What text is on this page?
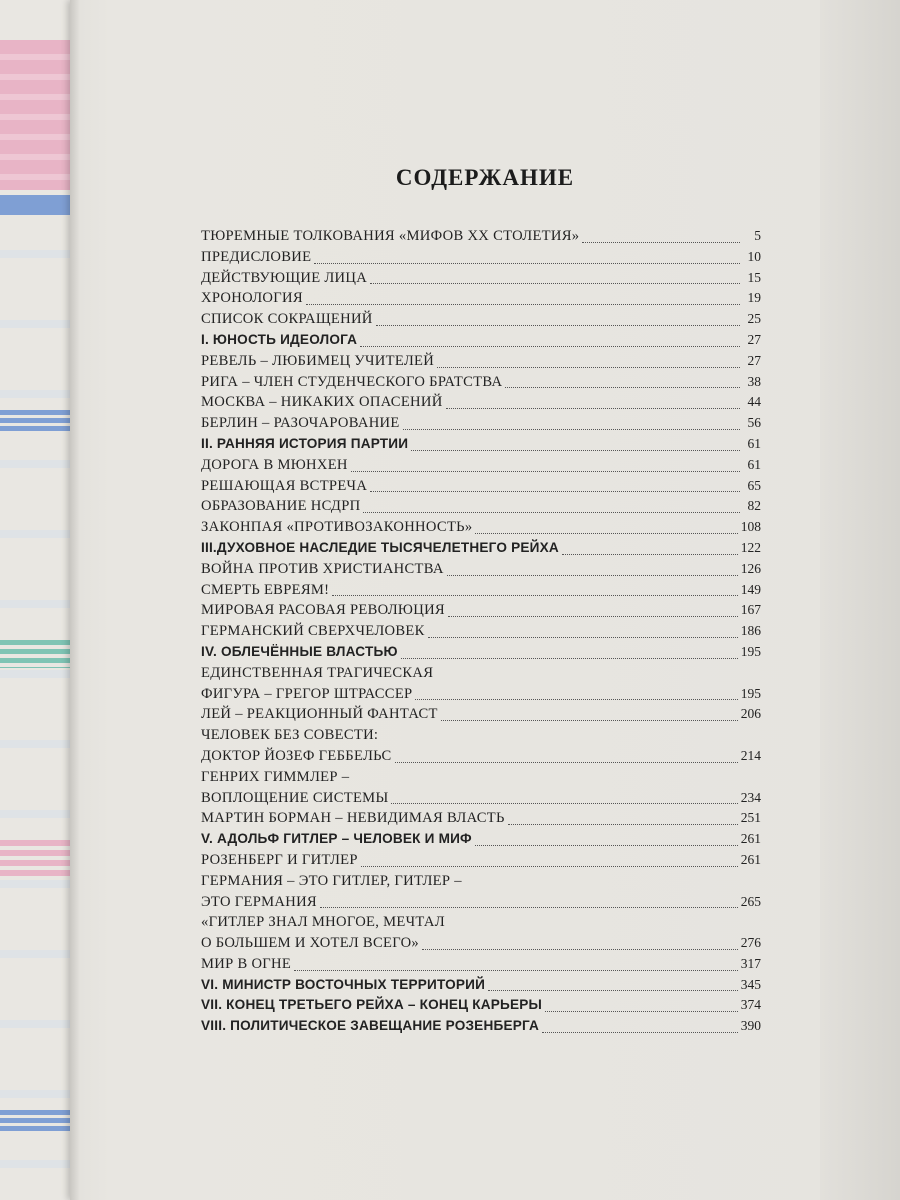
СОДЕРЖАНИЕ
ТЮРЕМНЫЕ ТОЛКОВАНИЯ «МИФОВ ХХ СТОЛЕТИЯ»	5
ПРЕДИСЛОВИЕ	10
ДЕЙСТВУЮЩИЕ ЛИЦА	15
ХРОНОЛОГИЯ	19
СПИСОК СОКРАЩЕНИЙ	25
I. ЮНОСТЬ ИДЕОЛОГА	27
РЕВЕЛЬ – ЛЮБИМЕЦ УЧИТЕЛЕЙ	27
РИГА – ЧЛЕН СТУДЕНЧЕСКОГО БРАТСТВА	38
МОСКВА – НИКАКИХ ОПАСЕНИЙ	44
БЕРЛИН – РАЗОЧАРОВАНИЕ	56
II. РАННЯЯ ИСТОРИЯ ПАРТИИ	61
ДОРОГА В МЮНХЕН	61
РЕШАЮЩАЯ ВСТРЕЧА	65
ОБРАЗОВАНИЕ НСДРП	82
ЗАКОНПАЯ «ПРОТИВОЗАКОННОСТЬ»	108
III.ДУХОВНОЕ НАСЛЕДИЕ ТЫСЯЧЕЛЕТНЕГО РЕЙХА	122
ВОЙНА ПРОТИВ ХРИСТИАНСТВА	126
СМЕРТЬ ЕВРЕЯМ!	149
МИРОВАЯ РАСОВАЯ РЕВОЛЮЦИЯ	167
ГЕРМАНСКИЙ СВЕРХЧЕЛОВЕК	186
IV. ОБЛЕЧЁННЫЕ ВЛАСТЬЮ	195
ЕДИНСТВЕННАЯ ТРАГИЧЕСКАЯ
ФИГУРА – ГРЕГОР ШТРАССЕР	195
ЛЕЙ – РЕАКЦИОННЫЙ ФАНТАСТ	206
ЧЕЛОВЕК БЕЗ СОВЕСТИ:
ДОКТОР ЙОЗЕФ ГЕББЕЛЬС	214
ГЕНРИХ ГИММЛЕР –
ВОПЛОЩЕНИЕ СИСТЕМЫ	234
МАРТИН БОРМАН – НЕВИДИМАЯ ВЛАСТЬ	251
V. АДОЛЬФ ГИТЛЕР – ЧЕЛОВЕК И МИФ	261
РОЗЕНБЕРГ И ГИТЛЕР	261
ГЕРМАНИЯ – ЭТО ГИТЛЕР, ГИТЛЕР –
ЭТО ГЕРМАНИЯ	265
«ГИТЛЕР ЗНАЛ МНОГОЕ, МЕЧТАЛ
О БОЛЬШЕМ И ХОТЕЛ ВСЕГО»	276
МИР В ОГНЕ	317
VI. МИНИСТР ВОСТОЧНЫХ ТЕРРИТОРИЙ	345
VII. КОНЕЦ ТРЕТЬЕГО РЕЙХА – КОНЕЦ КАРЬЕРЫ	374
VIII. ПОЛИТИЧЕСКОЕ ЗАВЕЩАНИЕ РОЗЕНБЕРГА	390
